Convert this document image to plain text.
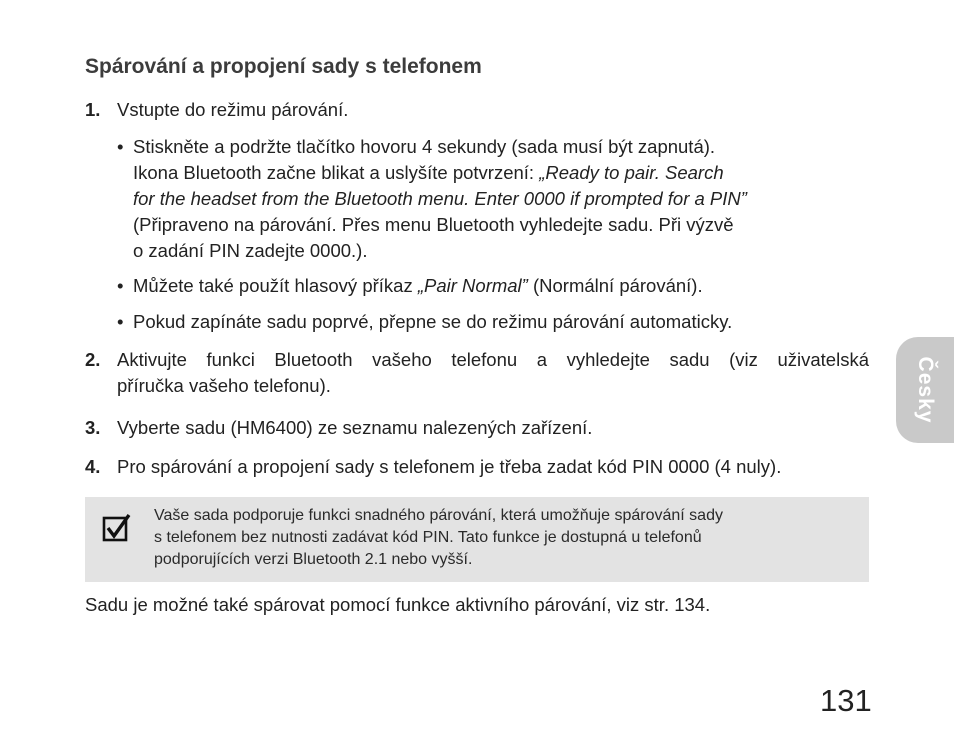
Spárování a propojení sady s telefonem
1. Vstupte do režimu párování.
• Stiskněte a podržte tlačítko hovoru 4 sekundy (sada musí být zapnutá).
Ikona Bluetooth začne blikat a uslyšíte potvrzení: „Ready to pair. Search
for the headset from the Bluetooth menu. Enter 0000 if prompted for a PIN”
(Připraveno na párování. Přes menu Bluetooth vyhledejte sadu. Při výzvě
o zadání PIN zadejte 0000.).
• Můžete také použít hlasový příkaz „Pair Normal” (Normální párování).
• Pokud zapínáte sadu poprvé, přepne se do režimu párování automaticky.
2. Aktivujte funkci Bluetooth vašeho telefonu a vyhledejte sadu (viz uživatelská
příručka vašeho telefonu).
3. Vyberte sadu (HM6400) ze seznamu nalezených zařízení.
4. Pro spárování a propojení sady s telefonem je třeba zadat kód PIN 0000 (4 nuly).
Vaše sada podporuje funkci snadného párování, která umožňuje spárování sady
s telefonem bez nutnosti zadávat kód PIN. Tato funkce je dostupná u telefonů
podporujících verzi Bluetooth 2.1 nebo vyšší.
Sadu je možné také spárovat pomocí funkce aktivního párování, viz str. 134.
Česky
131
